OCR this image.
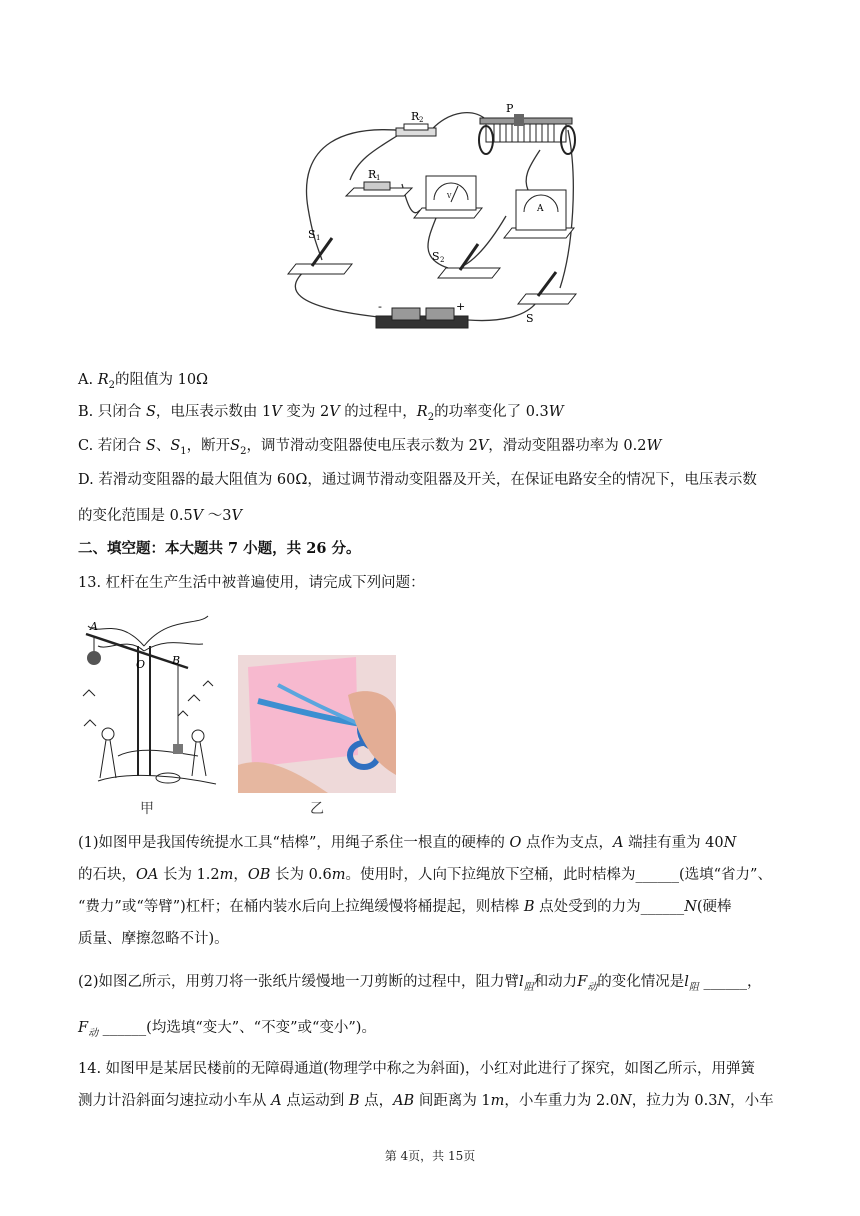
R 2
P
R 1
V
A
S 1
S 2
S
-	+
A. $R_2$的阻值为 10Ω
B. 只闭合 S，电压表示数由 1V 变为 2V 的过程中，$R_2$的功率变化了 0.3W
C. 若闭合 S、$S_1$，断开$S_2$，调节滑动变阻器使电压表示数为 2V，滑动变阻器功率为 0.2W
D. 若滑动变阻器的最大阻值为 60Ω，通过调节滑动变阻器及开关，在保证电路安全的情况下，电压表示数
的变化范围是 0.5V ～3V
二、填空题：本大题共 7 小题，共 26 分。
13. 杠杆在生产生活中被普遍使用，请完成下列问题：
A
B
O
甲	乙
(1)如图甲是我国传统提水工具“桔槔”，用绳子系住一根直的硬棒的 O 点作为支点，A 端挂有重为 40N
的石块，OA 长为 1.2m，OB 长为 0.6m。使用时，人向下拉绳放下空桶，此时桔槔为______(选填“省力”、
“费力”或“等臂”)杠杆；在桶内装水后向上拉绳缓慢将桶提起，则桔槔 B 点处受到的力为______N(硬棒
质量、摩擦忽略不计)。
(2)如图乙所示，用剪刀将一张纸片缓慢地一刀剪断的过程中，阻力臂$l_阻$和动力$F_动$的变化情况是$l_阻$ ______，
$F_动$ ______(均选填“变大”、“不变”或“变小”)。
14. 如图甲是某居民楼前的无障碍通道(物理学中称之为斜面)，小红对此进行了探究，如图乙所示，用弹簧
测力计沿斜面匀速拉动小车从 A 点运动到 B 点，AB 间距离为 1m，小车重力为 2.0N，拉力为 0.3N，小车
第 4页，共 15页
